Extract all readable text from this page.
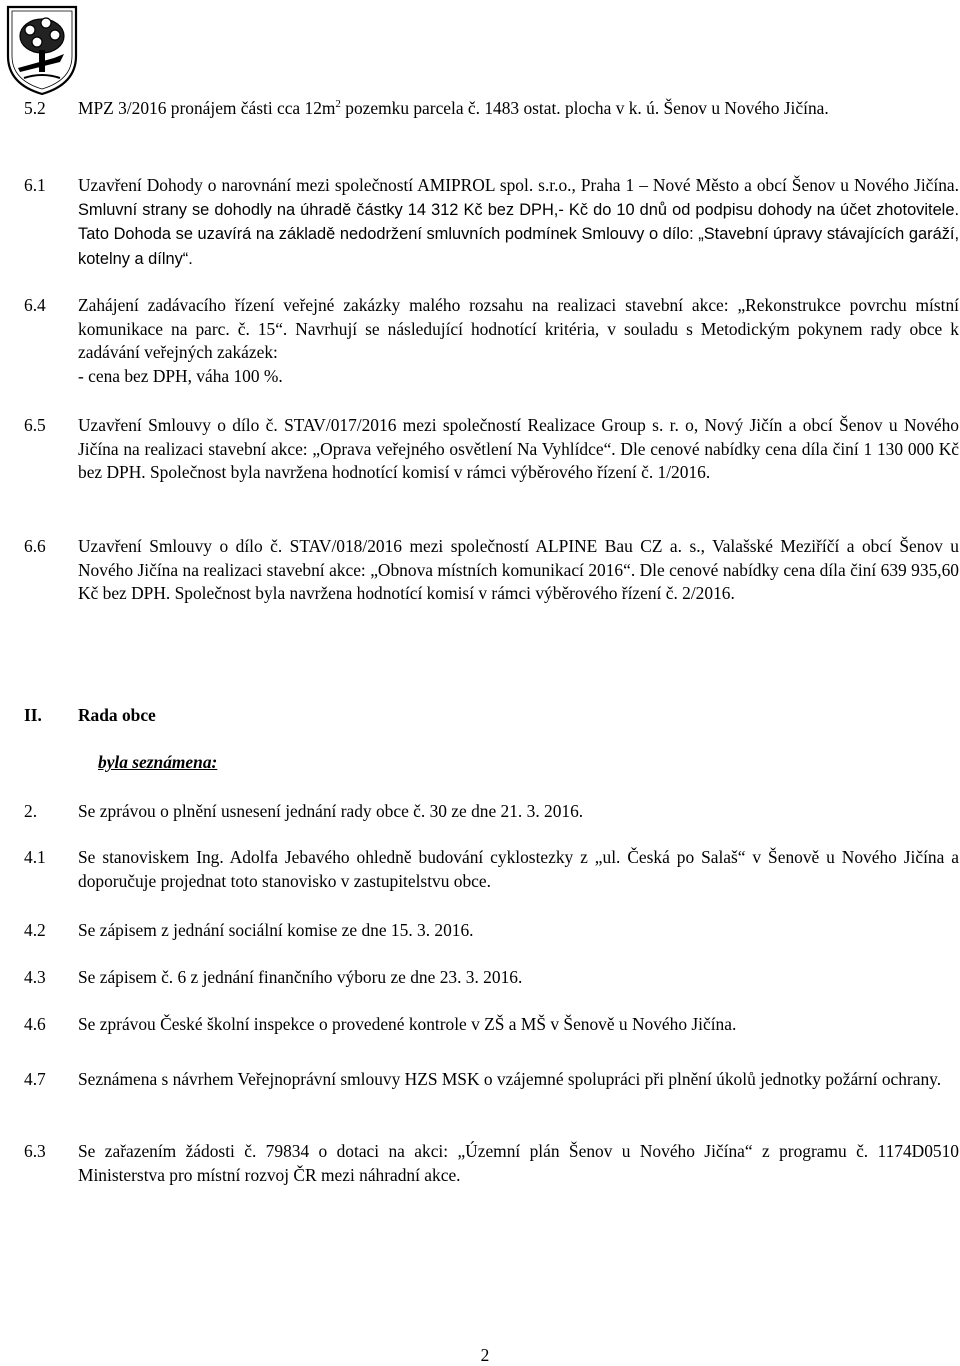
5.2 MPZ 3/2016 pronájem části cca $12m^2$ pozemku parcela č. 1483 ostat. plocha v k. ú. Šenov u Nového Jičína.
6.1 Uzavření Dohody o narovnání mezi společností AMIPROL spol. s.r.o., Praha 1 – Nové Město a obcí Šenov u Nového Jičína. Smluvní strany se dohodly na úhradě částky 14 312 Kč bez DPH,- Kč do 10 dnů od podpisu dohody na účet zhotovitele. Tato Dohoda se uzavírá na základě nedodržení smluvních podmínek Smlouvy o dílo: „Stavební úpravy stávajících garáží, kotelny a dílny“.
6.4 Zahájení zadávacího řízení veřejné zakázky malého rozsahu na realizaci stavební akce: „Rekonstrukce povrchu místní komunikace na parc. č. 15“. Navrhují se následující hodnotící kritéria, v souladu s Metodickým pokynem rady obce k zadávání veřejných zakázek:
- cena bez DPH, váha 100 %.
6.5 Uzavření Smlouvy o dílo č. STAV/017/2016 mezi společností Realizace Group s. r. o, Nový Jičín a obcí Šenov u Nového Jičína na realizaci stavební akce: „Oprava veřejného osvětlení Na Vyhlídce“. Dle cenové nabídky cena díla činí 1 130 000 Kč bez DPH. Společnost byla navržena hodnotící komisí v rámci výběrového řízení č. 1/2016.
6.6 Uzavření Smlouvy o dílo č. STAV/018/2016 mezi společností ALPINE Bau CZ a. s., Valašské Meziříčí a obcí Šenov u Nového Jičína na realizaci stavební akce: „Obnova místních komunikací 2016“. Dle cenové nabídky cena díla činí 639 935,60 Kč bez DPH. Společnost byla navržena hodnotící komisí v rámci výběrového řízení č. 2/2016.
II. Rada obce
byla seznámena:
2. Se zprávou o plnění usnesení jednání rady obce č. 30 ze dne 21. 3. 2016.
4.1 Se stanoviskem Ing. Adolfa Jebavého ohledně budování cyklostezky z „ul. Česká po Salaš“ v Šenově u Nového Jičína a doporučuje projednat toto stanovisko v zastupitelstvu obce.
4.2 Se zápisem z jednání sociální komise ze dne 15. 3. 2016.
4.3 Se zápisem č. 6 z jednání finančního výboru ze dne 23. 3. 2016.
4.6 Se zprávou České školní inspekce o provedené kontrole v ZŠ a MŠ v Šenově u Nového Jičína.
4.7 Seznámena s návrhem Veřejnoprávní smlouvy HZS MSK o vzájemné spolupráci při plnění úkolů jednotky požární ochrany.
6.3 Se zařazením žádosti č. 79834 o dotaci na akci: „Územní plán Šenov u Nového Jičína“ z programu č. 1174D0510 Ministerstva pro místní rozvoj ČR mezi náhradní akce.
2
